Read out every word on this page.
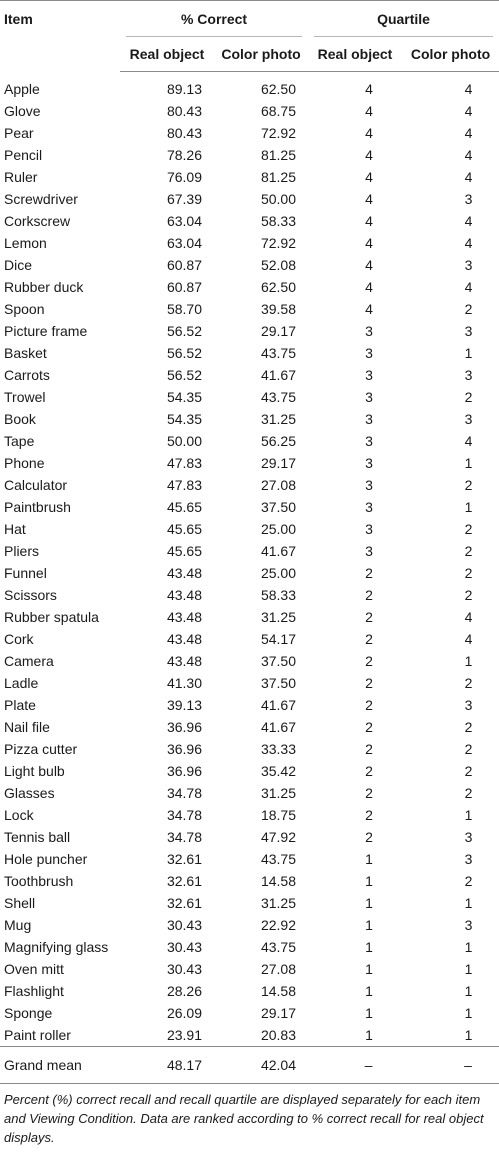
Item	% Correct		Quartile	

	Real object	Color photo	Real object	Color photo
Apple	89.13	62.50	4	4
Glove	80.43	68.75	4	4
Pear	80.43	72.92	4	4
Pencil	78.26	81.25	4	4
Ruler	76.09	81.25	4	4
Screwdriver	67.39	50.00	4	3
Corkscrew	63.04	58.33	4	4
Lemon	63.04	72.92	4	4
Dice	60.87	52.08	4	3
Rubber duck	60.87	62.50	4	4
Spoon	58.70	39.58	4	2
Picture frame	56.52	29.17	3	3
Basket	56.52	43.75	3	1
Carrots	56.52	41.67	3	3
Trowel	54.35	43.75	3	2
Book	54.35	31.25	3	3
Tape	50.00	56.25	3	4
Phone	47.83	29.17	3	1
Calculator	47.83	27.08	3	2
Paintbrush	45.65	37.50	3	1
Hat	45.65	25.00	3	2
Pliers	45.65	41.67	3	2
Funnel	43.48	25.00	2	2
Scissors	43.48	58.33	2	2
Rubber spatula	43.48	31.25	2	4
Cork	43.48	54.17	2	4
Camera	43.48	37.50	2	1
Ladle	41.30	37.50	2	2
Plate	39.13	41.67	2	3
Nail file	36.96	41.67	2	2
Pizza cutter	36.96	33.33	2	2
Light bulb	36.96	35.42	2	2
Glasses	34.78	31.25	2	2
Lock	34.78	18.75	2	1
Tennis ball	34.78	47.92	2	3
Hole puncher	32.61	43.75	1	3
Toothbrush	32.61	14.58	1	2
Shell	32.61	31.25	1	1
Mug	30.43	22.92	1	3
Magnifying glass	30.43	43.75	1	1
Oven mitt	30.43	27.08	1	1
Flashlight	28.26	14.58	1	1
Sponge	26.09	29.17	1	1
Paint roller	23.91	20.83	1	1
Grand mean	48.17	42.04	–	–
Percent (%) correct recall and recall quartile are displayed separately for each item and Viewing Condition. Data are ranked according to % correct recall for real object displays.
